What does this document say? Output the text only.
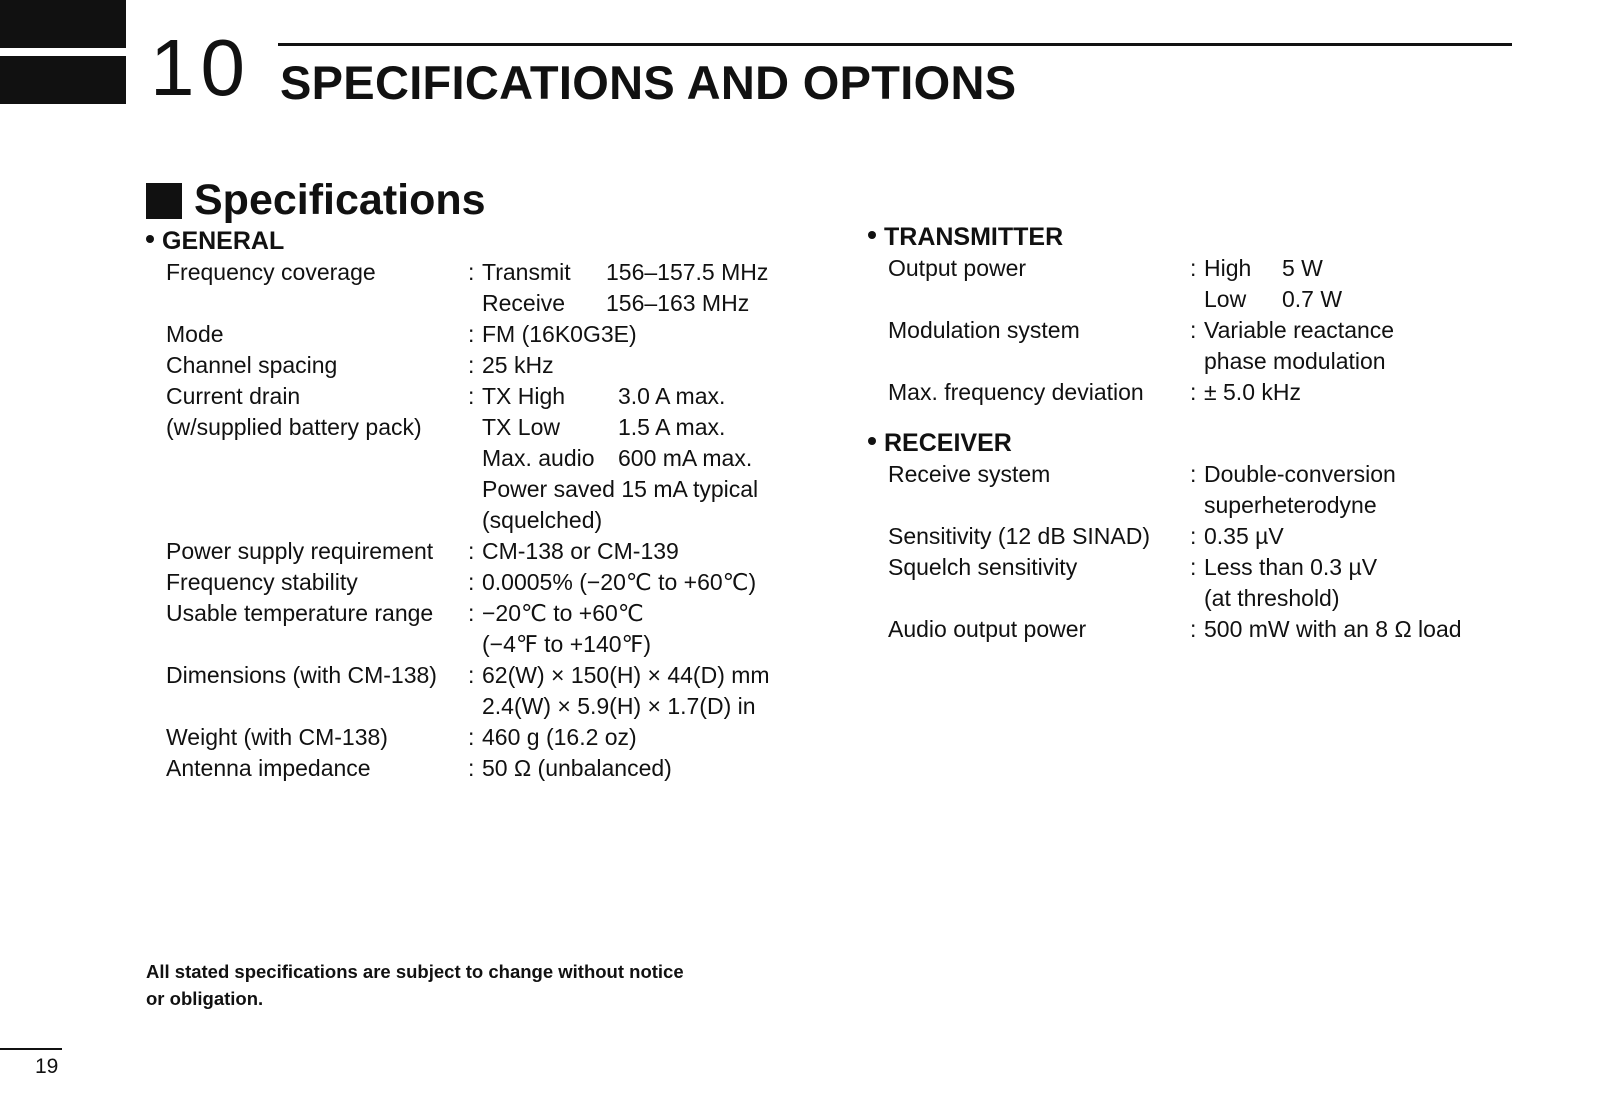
10 SPECIFICATIONS AND OPTIONS
Specifications
GENERAL
Frequency coverage	: Transmit	156–157.5 MHz
Receive	156–163 MHz
Mode	: FM (16K0G3E)
Channel spacing	: 25 kHz
Current drain	: TX High	3.0 A max.
(w/supplied battery pack)	TX Low	1.5 A max.
Max. audio	600 mA max.
Power saved 15 mA typical
(squelched)
Power supply requirement	: CM-138 or CM-139
Frequency stability	: 0.0005% (−20℃ to +60℃)
Usable temperature range	: −20℃ to +60℃
(−4℉ to +140℉)
Dimensions (with CM-138)	: 62(W) × 150(H) × 44(D) mm
2.4(W) × 5.9(H) × 1.7(D) in
Weight (with CM-138)	: 460 g (16.2 oz)
Antenna impedance	: 50 Ω (unbalanced)
TRANSMITTER
Output power	: High	5 W
Low	0.7 W
Modulation system	: Variable reactance
phase modulation
Max. frequency deviation	: ± 5.0 kHz
RECEIVER
Receive system	: Double-conversion
superheterodyne
Sensitivity (12 dB SINAD)	: 0.35 µV
Squelch sensitivity	: Less than 0.3 µV
(at threshold)
Audio output power	: 500 mW with an 8 Ω load
All stated specifications are subject to change without notice
or obligation.
19
